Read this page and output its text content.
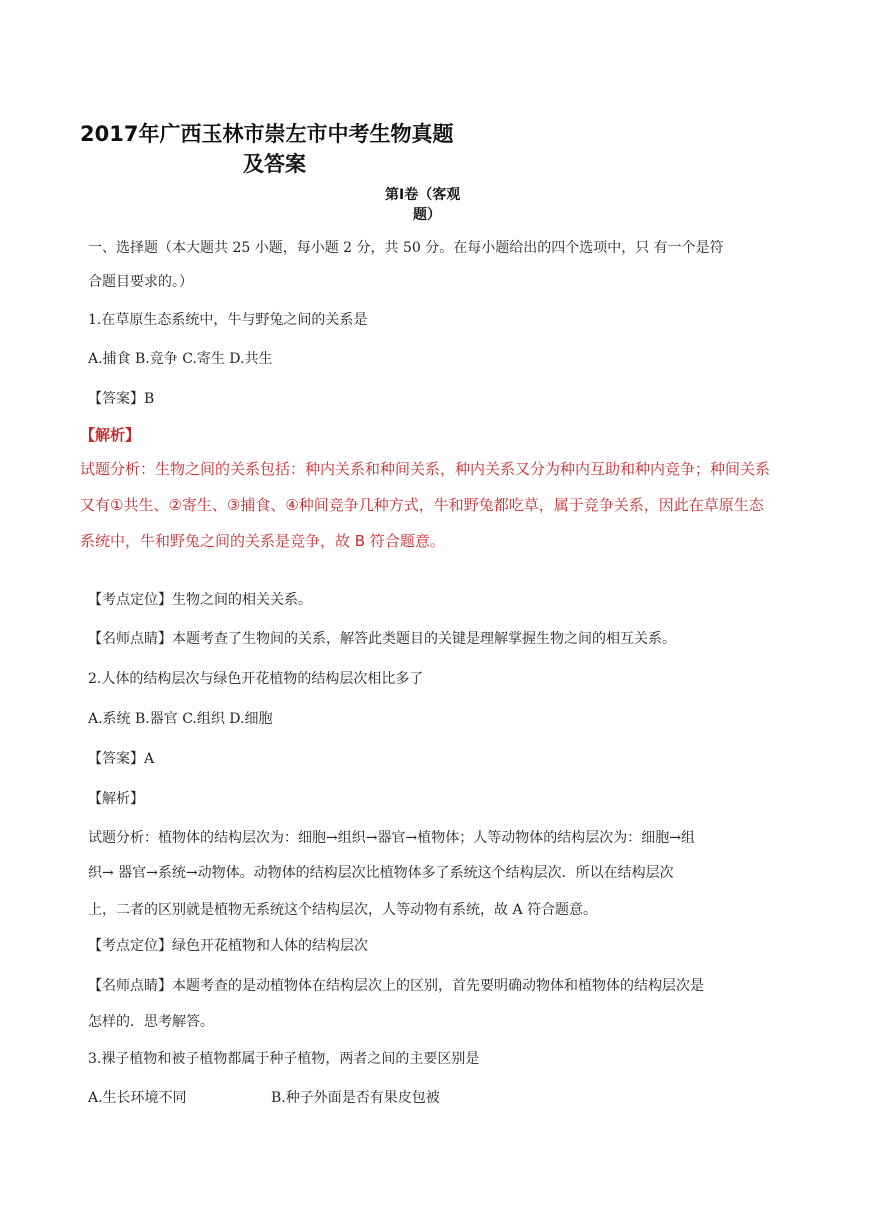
2017年广西玉林市崇左市中考生物真题
及答案
第Ⅰ卷（客观
题）
一、选择题（本大题共 25 小题，每小题 2 分，共 50 分。在每小题给出的四个选项中，只 有一个是符
合题目要求的。）
1.在草原生态系统中，牛与野兔之间的关系是
A.捕食 B.竞争 C.寄生 D.共生
【答案】B
【解析】
试题分析：生物之间的关系包括：种内关系和种间关系，种内关系又分为种内互助和种内竞争；种间关系
又有①共生、②寄生、③捕食、④种间竞争几种方式，牛和野兔都吃草，属于竞争关系，因此在草原生态
系统中，牛和野兔之间的关系是竞争，故 B 符合题意。
【考点定位】生物之间的相关关系。
【名师点睛】本题考查了生物间的关系，解答此类题目的关键是理解掌握生物之间的相互关系。
2.人体的结构层次与绿色开花植物的结构层次相比多了
A.系统 B.器官 C.组织 D.细胞
【答案】A
【解析】
试题分析：植物体的结构层次为：细胞→组织→器官→植物体；人等动物体的结构层次为：细胞→组
织→ 器官→系统→动物体。动物体的结构层次比植物体多了系统这个结构层次．所以在结构层次
上，二者的区别就是植物无系统这个结构层次，人等动物有系统，故 A 符合题意。
【考点定位】绿色开花植物和人体的结构层次
【名师点睛】本题考查的是动植物体在结构层次上的区别，首先要明确动物体和植物体的结构层次是
怎样的．思考解答。
3.裸子植物和被子植物都属于种子植物，两者之间的主要区别是
A.生长环境不同	B.种子外面是否有果皮包被
